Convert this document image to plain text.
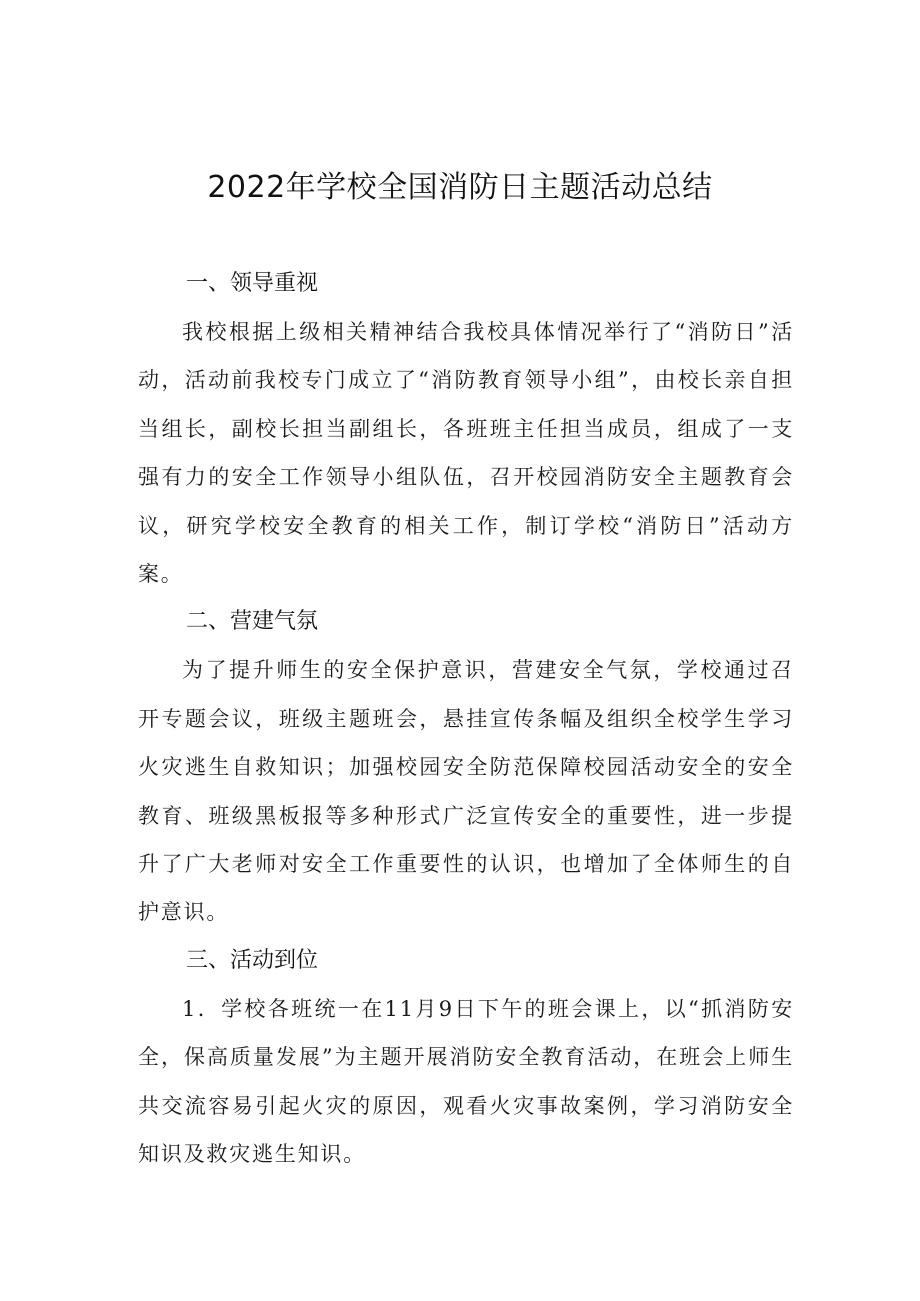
2022年学校全国消防日主题活动总结
一、领导重视

我校根据上级相关精神结合我校具体情况举行了“消防日”活动，活动前我校专门成立了“消防教育领导小组”，由校长亲自担当组长，副校长担当副组长，各班班主任担当成员，组成了一支强有力的安全工作领导小组队伍，召开校园消防安全主题教育会议，研究学校安全教育的相关工作，制订学校“消防日”活动方案。

二、营建气氛

为了提升师生的安全保护意识，营建安全气氛，学校通过召开专题会议，班级主题班会，悬挂宣传条幅及组织全校学生学习火灾逃生自救知识；加强校园安全防范保障校园活动安全的安全教育、班级黑板报等多种形式广泛宣传安全的重要性，进一步提升了广大老师对安全工作重要性的认识，也增加了全体师生的自护意识。

三、活动到位

1．学校各班统一在11月9日下午的班会课上，以“抓消防安全，保高质量发展”为主题开展消防安全教育活动，在班会上师生共交流容易引起火灾的原因，观看火灾事故案例，学习消防安全知识及救灾逃生知识。
